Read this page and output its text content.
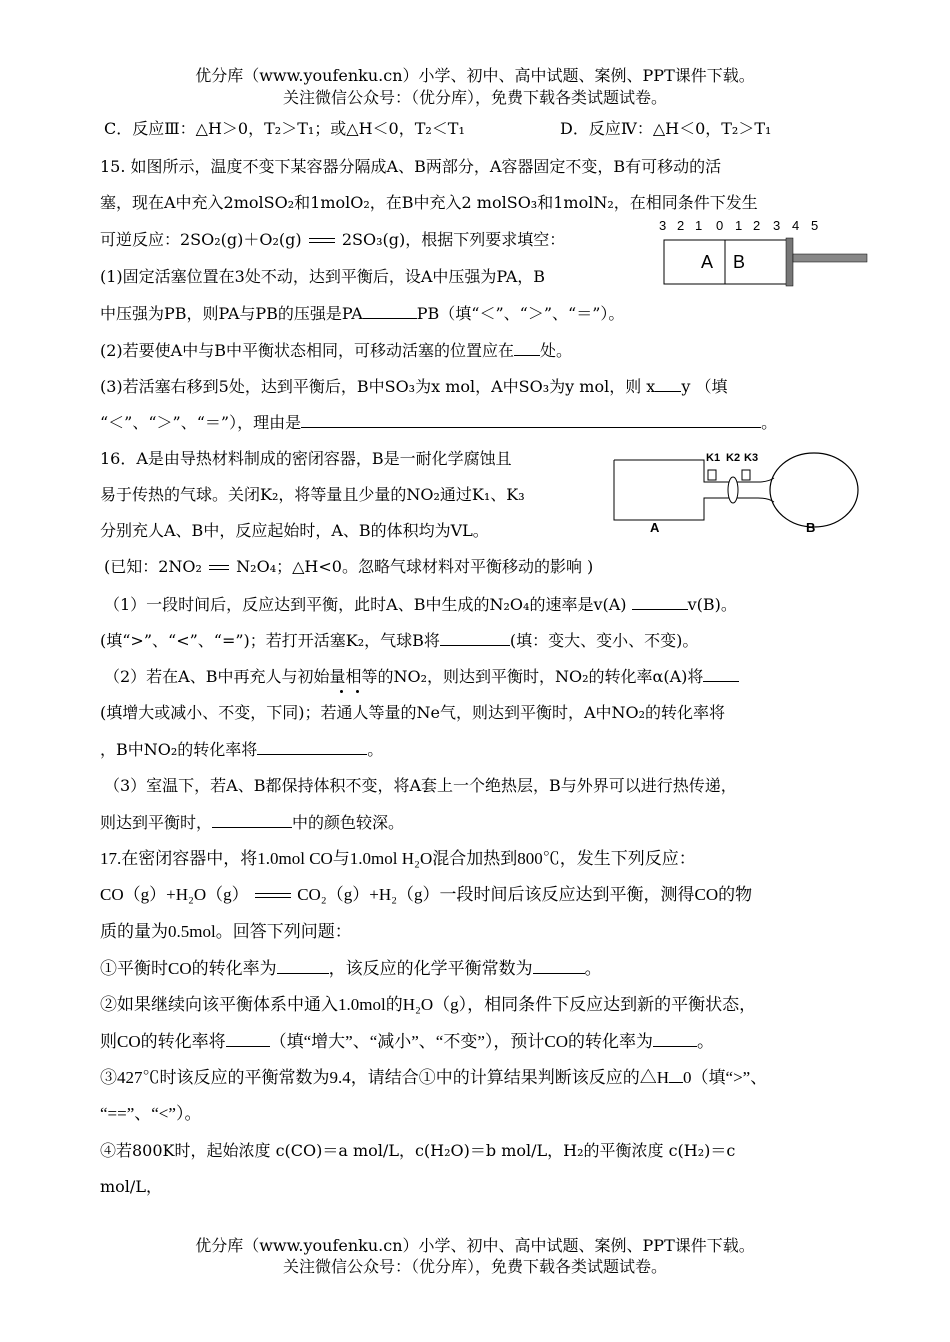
优分库（www.youfenku.cn）小学、初中、高中试题、案例、PPT课件下载。
关注微信公众号：（优分库），免费下载各类试题试卷。
C．反应Ⅲ：△H＞0，T₂＞T₁；或△H＜0，T₂＜T₁	D．反应Ⅳ：△H＜0，T₂＞T₁
15. 如图所示，温度不变下某容器分隔成A、B两部分，A容器固定不变，B有可移动的活
塞，现在A中充入2molSO₂和1molO₂，在B中充入2 molSO₃和1molN₂，在相同条件下发生
可逆反应：2SO₂(g)＋O₂(g)	2SO₃(g)，根据下列要求填空：
(1)固定活塞位置在3处不动，达到平衡后，设A中压强为PA，B
中压强为PB，则PA与PB的压强是PA	PB（填“＜”、“＞”、“＝”）。
(2)若要使A中与B中平衡状态相同，可移动活塞的位置应在 处。
(3)若活塞右移到5处，达到平衡后，B中SO₃为x mol，A中SO₃为y mol，则 x y （填
“＜”、“＞”、“＝”），理由是	。
3 2 1 0 1 2 3 4 5
A B
16．A是由导热材料制成的密闭容器，B是一耐化学腐蚀且
易于传热的气球。关闭K₂，将等量且少量的NO₂通过K₁、K₃
分别充人A、B中，反应起始时，A、B的体积均为VL。
(已知：2NO₂ N₂O₄；△H<0。忽略气球材料对平衡移动的影响 )
（1）一段时间后，反应达到平衡，此时A、B中生成的N₂O₄的速率是v(A)	v(B)。
(填“>”、“<”、“=”)；若打开活塞K₂，气球B将	(填：变大、变小、不变)。
（2）若在A、B中再充人与初始量相等的NO₂，则达到平衡时，NO₂的转化率α(A)将
(填增大或减小、不变，下同)；若通人等量的Ne气，则达到平衡时，A中NO₂的转化率将
，B中NO₂的转化率将	。
（3）室温下，若A、B都保持体积不变，将A套上一个绝热层，B与外界可以进行热传递，
则达到平衡时，	中的颜色较深。
K1 K2 K3
A	B
17.在密闭容器中，将1.0mol CO与1.0mol H₂O混合加热到800℃，发生下列反应：
CO（g）+H₂O（g）	CO₂（g）+H₂（g）一段时间后该反应达到平衡，测得CO的物
质的量为0.5mol。回答下列问题：
①平衡时CO的转化率为	，该反应的化学平衡常数为	。
②如果继续向该平衡体系中通入1.0mol的H₂O（g），相同条件下反应达到新的平衡状态，
则CO的转化率将	（填“增大”、“减小”、“不变”），预计CO的转化率为	。
③427℃时该反应的平衡常数为9.4，请结合①中的计算结果判断该反应的△H 0（填“>”、
“==”、“<”）。
④若800K时，起始浓度 c(CO)＝a mol/L，c(H₂O)＝b mol/L，H₂的平衡浓度 c(H₂)＝c
mol/L，
优分库（www.youfenku.cn）小学、初中、高中试题、案例、PPT课件下载。
关注微信公众号：（优分库），免费下载各类试题试卷。
